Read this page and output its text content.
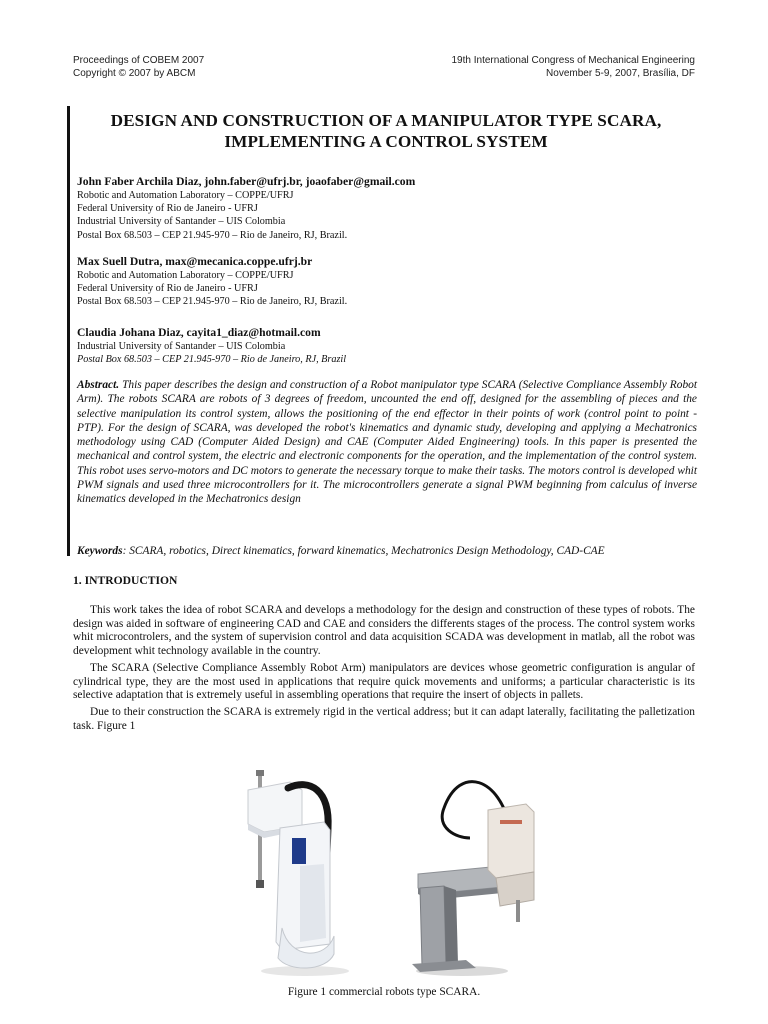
Proceedings of COBEM 2007
Copyright © 2007 by ABCM
19th International Congress of Mechanical Engineering
November 5-9, 2007, Brasília, DF
DESIGN AND CONSTRUCTION OF A MANIPULATOR TYPE SCARA,
IMPLEMENTING A CONTROL SYSTEM
John Faber Archila Diaz, john.faber@ufrj.br, joaofaber@gmail.com
Robotic and Automation Laboratory – COPPE/UFRJ
Federal University of Rio de Janeiro - UFRJ
Industrial University of Santander – UIS Colombia
Postal Box 68.503 – CEP 21.945-970 – Rio de Janeiro, RJ, Brazil.
Max Suell Dutra, max@mecanica.coppe.ufrj.br
Robotic and Automation Laboratory – COPPE/UFRJ
Federal University of Rio de Janeiro - UFRJ
Postal Box 68.503 – CEP 21.945-970 – Rio de Janeiro, RJ, Brazil.
Claudia Johana Diaz, cayita1_diaz@hotmail.com
Industrial University of Santander – UIS Colombia
Postal Box 68.503 – CEP 21.945-970 – Rio de Janeiro, RJ, Brazil
Abstract. This paper describes the design and construction of a Robot manipulator type SCARA (Selective Compliance Assembly Robot Arm). The robots SCARA are robots of 3 degrees of freedom, uncounted the end off, designed for the assembling of pieces and the selective manipulation its control system, allows the positioning of the end effector in their points of work (control point to point - PTP). For the design of SCARA, was developed the robot's kinematics and dynamic study, developing and applying a Mechatronics methodology using CAD (Computer Aided Design) and CAE (Computer Aided Engineering) tools. In this paper is presented the mechanical and control system, the electric and electronic components for the operation, and the implementation of the control system. This robot uses servo-motors and DC motors to generate the necessary torque to make their tasks. The motors control is developed whit PWM signals and used three microcontrollers for it. The microcontrollers generate a signal PWM beginning from calculus of inverse kinematics developed in the Mechatronics design
Keywords: SCARA, robotics, Direct kinematics, forward kinematics, Mechatronics Design Methodology, CAD-CAE
1. INTRODUCTION

This work takes the idea of robot SCARA and develops a methodology for the design and construction of these types of robots. The design was aided in software of engineering CAD and CAE and considers the differents stages of the process. The control system works whit microcontrolers, and the system of supervision control and data acquisition SCADA was development in matlab, all the robot was development whit technology available in the country.

The SCARA (Selective Compliance Assembly Robot Arm) manipulators are devices whose geometric configuration is angular of cylindrical type, they are the most used in applications that require quick movements and uniforms; a particular characteristic is its selective adaptation that is extremely useful in assembling operations that require the insert of objects in pallets.

Due to their construction the SCARA is extremely rigid in the vertical address; but it can adapt laterally, facilitating the palletization task. Figure 1

Figure 1 commercial robots type SCARA.
